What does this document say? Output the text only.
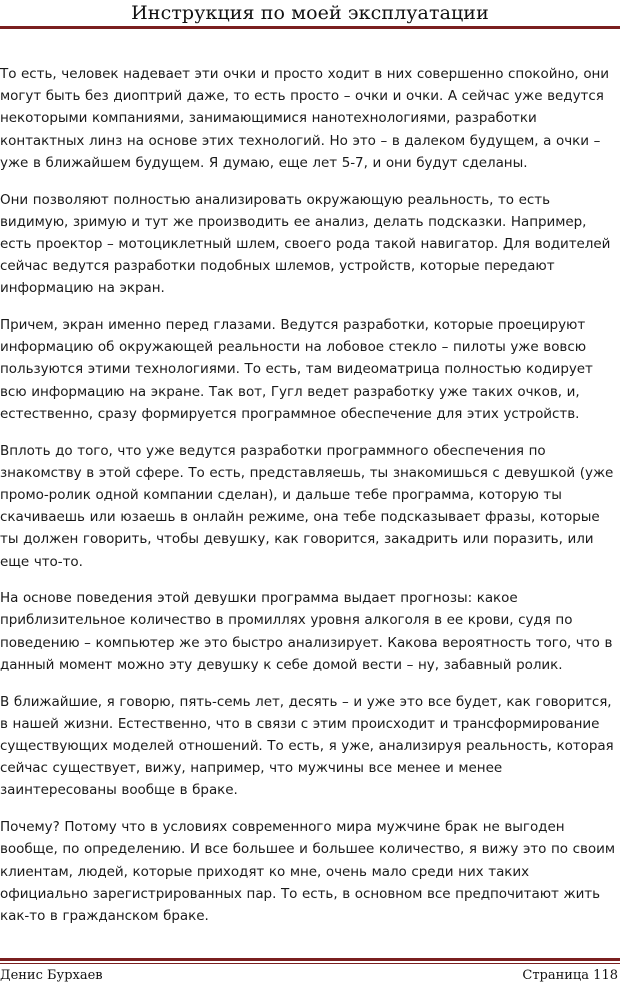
Инструкция по моей эксплуатации

То есть, человек надевает эти очки и просто ходит в них совершенно спокойно, они могут быть без диоптрий даже, то есть просто – очки и очки. А сейчас уже ведутся некоторыми компаниями, занимающимися нанотехнологиями, разработки контактных линз на основе этих технологий. Но это – в далеком будущем, а очки – уже в ближайшем будущем. Я думаю, еще лет 5-7, и они будут сделаны.

Они позволяют полностью анализировать окружающую реальность, то есть видимую, зримую и тут же производить ее анализ, делать подсказки. Например, есть проектор – мотоциклетный шлем, своего рода такой навигатор. Для водителей сейчас ведутся разработки подобных шлемов, устройств, которые передают информацию на экран.

Причем, экран именно перед глазами. Ведутся разработки, которые проецируют информацию об окружающей реальности на лобовое стекло – пилоты уже вовсю пользуются этими технологиями. То есть, там видеоматрица полностью кодирует всю информацию на экране. Так вот, Гугл ведет разработку уже таких очков, и, естественно, сразу формируется программное обеспечение для этих устройств.

Вплоть до того, что уже ведутся разработки программного обеспечения по знакомству в этой сфере. То есть, представляешь, ты знакомишься с девушкой (уже промо-ролик одной компании сделан), и дальше тебе программа, которую ты скачиваешь или юзаешь в онлайн режиме, она тебе подсказывает фразы, которые ты должен говорить, чтобы девушку, как говорится, закадрить или поразить, или еще что-то.

На основе поведения этой девушки программа выдает прогнозы: какое приблизительное количество в промиллях уровня алкоголя в ее крови, судя по поведению – компьютер же это быстро анализирует. Какова вероятность того, что в данный момент можно эту девушку к себе домой вести – ну, забавный ролик.

В ближайшие, я говорю, пять-семь лет, десять – и уже это все будет, как говорится, в нашей жизни. Естественно, что в связи с этим происходит и трансформирование существующих моделей отношений. То есть, я уже, анализируя реальность, которая сейчас существует, вижу, например, что мужчины все менее и менее заинтересованы вообще в браке.

Почему? Потому что в условиях современного мира мужчине брак не выгоден вообще, по определению. И все большее и большее количество, я вижу это по своим клиентам, людей, которые приходят ко мне, очень мало среди них таких официально зарегистрированных пар. То есть, в основном все предпочитают жить как-то в гражданском браке.

Денис Бурхаев	Страница 118
